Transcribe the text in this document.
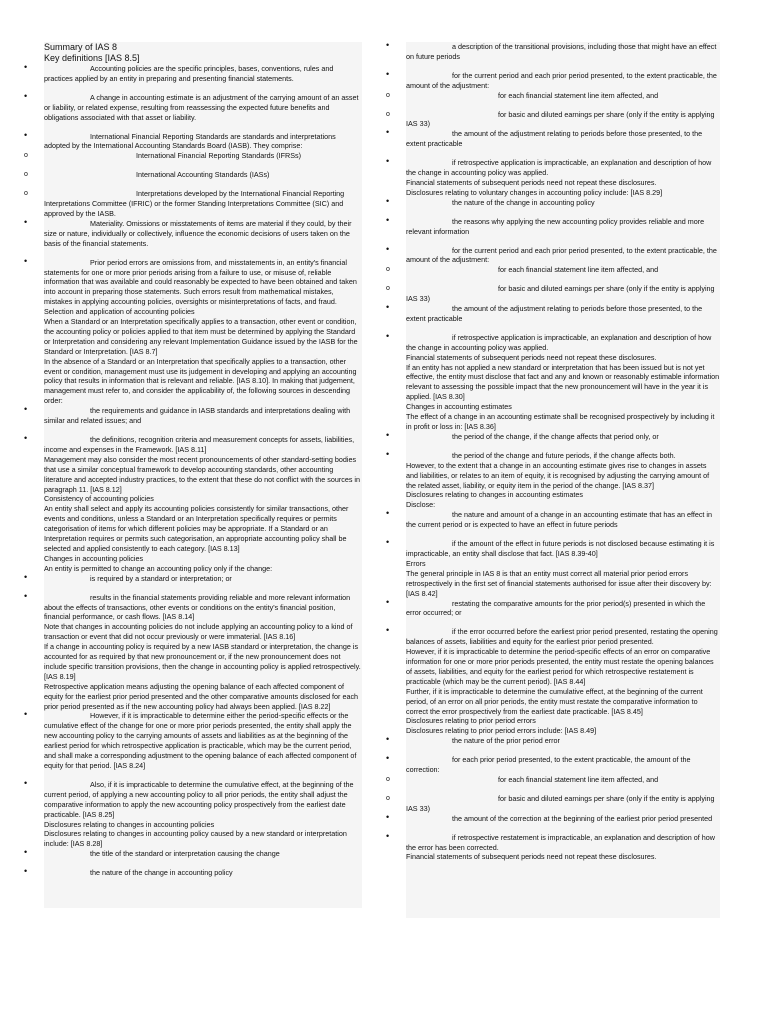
Summary of IAS 8

Key definitions [IAS 8.5]

•	Accounting policies are the specific principles, bases, conventions, rules and practices applied by an entity in preparing and presenting financial statements.

•	A change in accounting estimate is an adjustment of the carrying amount of an asset or liability, or related expense, resulting from reassessing the expected future benefits and obligations associated with that asset or liability.

•	International Financial Reporting Standards are standards and interpretations adopted by the International Accounting Standards Board (IASB). They comprise:

o	International Financial Reporting Standards (IFRSs)

o	International Accounting Standards (IASs)

o	Interpretations developed by the International Financial Reporting Interpretations Committee (IFRIC) or the former Standing Interpretations Committee (SIC) and approved by the IASB.

•	Materiality. Omissions or misstatements of items are material if they could, by their size or nature, individually or collectively, influence the economic decisions of users taken on the basis of the financial statements.

•	Prior period errors are omissions from, and misstatements in, an entity's financial statements for one or more prior periods arising from a failure to use, or misuse of, reliable information that was available and could reasonably be expected to have been obtained and taken into account in preparing those statements. Such errors result from mathematical mistakes, mistakes in applying accounting policies, oversights or misinterpretations of facts, and fraud.

Selection and application of accounting policies

When a Standard or an Interpretation specifically applies to a transaction, other event or condition, the accounting policy or policies applied to that item must be determined by applying the Standard or Interpretation and considering any relevant Implementation Guidance issued by the IASB for the Standard or Interpretation. [IAS 8.7]

In the absence of a Standard or an Interpretation that specifically applies to a transaction, other event or condition, management must use its judgement in developing and applying an accounting policy that results in information that is relevant and reliable. [IAS 8.10]. In making that judgement, management must refer to, and consider the applicability of, the following sources in descending order:

•	the requirements and guidance in IASB standards and interpretations dealing with similar and related issues; and

•	the definitions, recognition criteria and measurement concepts for assets, liabilities, income and expenses in the Framework. [IAS 8.11]

Management may also consider the most recent pronouncements of other standard-setting bodies that use a similar conceptual framework to develop accounting standards, other accounting literature and accepted industry practices, to the extent that these do not conflict with the sources in paragraph 11. [IAS 8.12]

Consistency of accounting policies

An entity shall select and apply its accounting policies consistently for similar transactions, other events and conditions, unless a Standard or an Interpretation specifically requires or permits categorisation of items for which different policies may be appropriate. If a Standard or an Interpretation requires or permits such categorisation, an appropriate accounting policy shall be selected and applied consistently to each category. [IAS 8.13]

Changes in accounting policies

An entity is permitted to change an accounting policy only if the change:

•	is required by a standard or interpretation; or

•	results in the financial statements providing reliable and more relevant information about the effects of transactions, other events or conditions on the entity's financial position, financial performance, or cash flows. [IAS 8.14]

Note that changes in accounting policies do not include applying an accounting policy to a kind of transaction or event that did not occur previously or were immaterial. [IAS 8.16]

If a change in accounting policy is required by a new IASB standard or interpretation, the change is accounted for as required by that new pronouncement or, if the new pronouncement does not include specific transition provisions, then the change in accounting policy is applied retrospectively. [IAS 8.19]

Retrospective application means adjusting the opening balance of each affected component of equity for the earliest prior period presented and the other comparative amounts disclosed for each prior period presented as if the new accounting policy had always been applied. [IAS 8.22]

•	However, if it is impracticable to determine either the period-specific effects or the cumulative effect of the change for one or more prior periods presented, the entity shall apply the new accounting policy to the carrying amounts of assets and liabilities as at the beginning of the earliest period for which retrospective application is practicable, which may be the current period, and shall make a corresponding adjustment to the opening balance of each affected component of equity for that period. [IAS 8.24]

•	Also, if it is impracticable to determine the cumulative effect, at the beginning of the current period, of applying a new accounting policy to all prior periods, the entity shall adjust the comparative information to apply the new accounting policy prospectively from the earliest date practicable. [IAS 8.25]

Disclosures relating to changes in accounting policies

Disclosures relating to changes in accounting policy caused by a new standard or interpretation include: [IAS 8.28]

•	the title of the standard or interpretation causing the change

•	the nature of the change in accounting policy

•	a description of the transitional provisions, including those that might have an effect on future periods

•	for the current period and each prior period presented, to the extent practicable, the amount of the adjustment:

o	for each financial statement line item affected, and

o	for basic and diluted earnings per share (only if the entity is applying IAS 33)

•	the amount of the adjustment relating to periods before those presented, to the extent practicable

•	if retrospective application is impracticable, an explanation and description of how the change in accounting policy was applied.

Financial statements of subsequent periods need not repeat these disclosures.

Disclosures relating to voluntary changes in accounting policy include: [IAS 8.29]

•	the nature of the change in accounting policy

•	the reasons why applying the new accounting policy provides reliable and more relevant information

•	for the current period and each prior period presented, to the extent practicable, the amount of the adjustment:

o	for each financial statement line item affected, and

o	for basic and diluted earnings per share (only if the entity is applying IAS 33)

•	the amount of the adjustment relating to periods before those presented, to the extent practicable

•	if retrospective application is impracticable, an explanation and description of how the change in accounting policy was applied.

Financial statements of subsequent periods need not repeat these disclosures.

If an entity has not applied a new standard or interpretation that has been issued but is not yet effective, the entity must disclose that fact and any and known or reasonably estimable information relevant to assessing the possible impact that the new pronouncement will have in the year it is applied. [IAS 8.30]

Changes in accounting estimates

The effect of a change in an accounting estimate shall be recognised prospectively by including it in profit or loss in: [IAS 8.36]

•	the period of the change, if the change affects that period only, or

•	the period of the change and future periods, if the change affects both.

However, to the extent that a change in an accounting estimate gives rise to changes in assets and liabilities, or relates to an item of equity, it is recognised by adjusting the carrying amount of the related asset, liability, or equity item in the period of the change. [IAS 8.37]

Disclosures relating to changes in accounting estimates

Disclose:

•	the nature and amount of a change in an accounting estimate that has an effect in the current period or is expected to have an effect in future periods

•	if the amount of the effect in future periods is not disclosed because estimating it is impracticable, an entity shall disclose that fact. [IAS 8.39-40]

Errors

The general principle in IAS 8 is that an entity must correct all material prior period errors retrospectively in the first set of financial statements authorised for issue after their discovery by: [IAS 8.42]

•	restating the comparative amounts for the prior period(s) presented in which the error occurred; or

•	if the error occurred before the earliest prior period presented, restating the opening balances of assets, liabilities and equity for the earliest prior period presented.

However, if it is impracticable to determine the period-specific effects of an error on comparative information for one or more prior periods presented, the entity must restate the opening balances of assets, liabilities, and equity for the earliest period for which retrospective restatement is practicable (which may be the current period). [IAS 8.44]

Further, if it is impracticable to determine the cumulative effect, at the beginning of the current period, of an error on all prior periods, the entity must restate the comparative information to correct the error prospectively from the earliest date practicable. [IAS 8.45]

Disclosures relating to prior period errors

Disclosures relating to prior period errors include: [IAS 8.49]

•	the nature of the prior period error

•	for each prior period presented, to the extent practicable, the amount of the correction:

o	for each financial statement line item affected, and

o	for basic and diluted earnings per share (only if the entity is applying IAS 33)

•	the amount of the correction at the beginning of the earliest prior period presented

•	if retrospective restatement is impracticable, an explanation and description of how the error has been corrected.

Financial statements of subsequent periods need not repeat these disclosures.
